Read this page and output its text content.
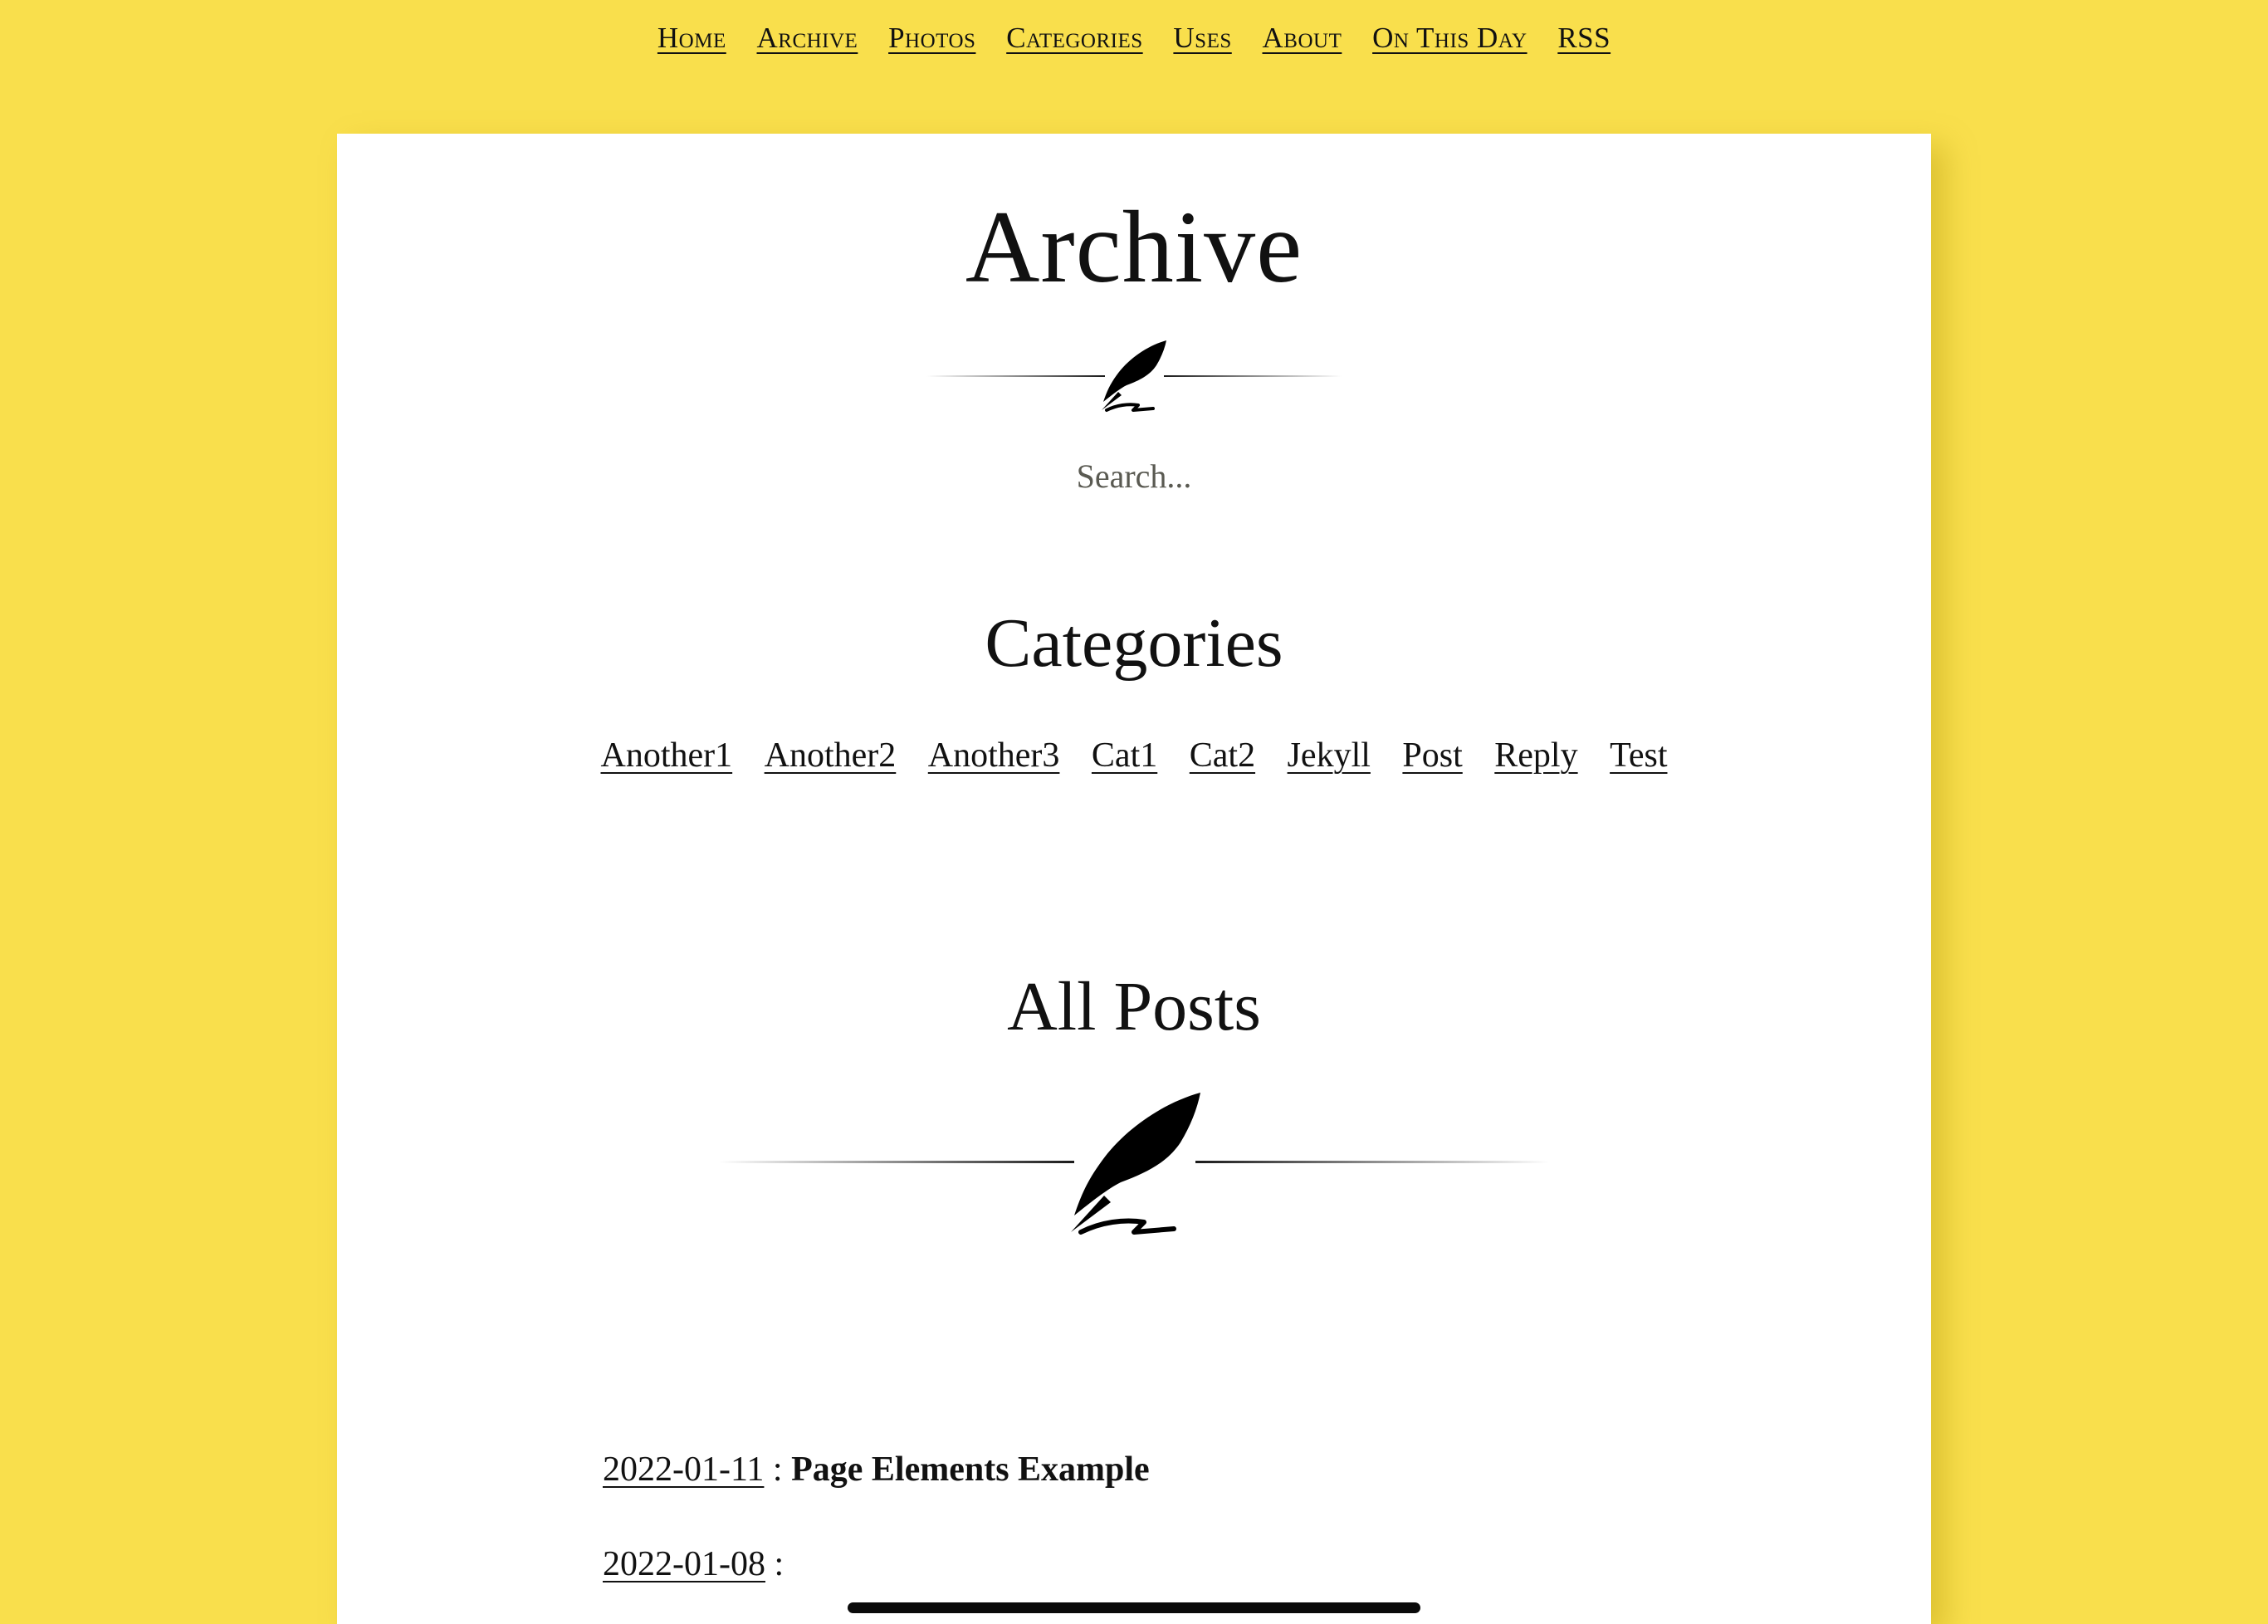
Home Archive Photos Categories Uses About On This Day RSS
Archive
Search...
Categories
Another1 Another2 Another3 Cat1 Cat2 Jekyll Post Reply Test
All Posts
2022-01-11 : Page Elements Example
2022-01-08 :
